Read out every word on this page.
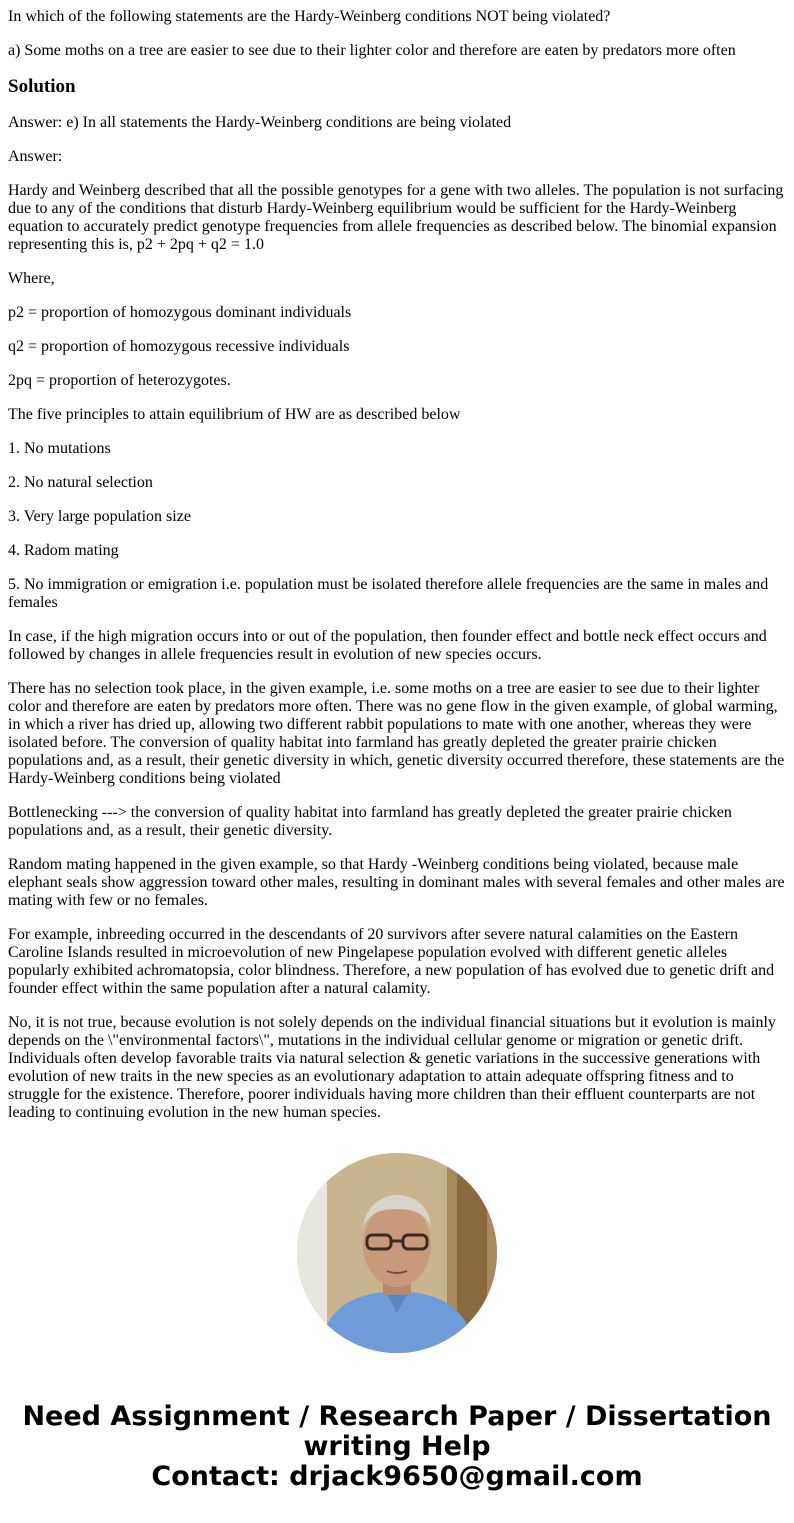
In which of the following statements are the Hardy-Weinberg conditions NOT being violated?

a) Some moths on a tree are easier to see due to their lighter color and therefore are eaten by predators more often

Solution

Answer: e) In all statements the Hardy-Weinberg conditions are being violated

Answer:

Hardy and Weinberg described that all the possible genotypes for a gene with two alleles. The population is not surfacing due to any of the conditions that disturb Hardy-Weinberg equilibrium would be sufficient for the Hardy-Weinberg equation to accurately predict genotype frequencies from allele frequencies as described below. The binomial expansion representing this is, p2 + 2pq + q2 = 1.0

Where,

p2 = proportion of homozygous dominant individuals

q2 = proportion of homozygous recessive individuals

2pq = proportion of heterozygotes.

The five principles to attain equilibrium of HW are as described below

1. No mutations

2. No natural selection

3. Very large population size

4. Radom mating

5. No immigration or emigration i.e. population must be isolated therefore allele frequencies are the same in males and females

In case, if the high migration occurs into or out of the population, then founder effect and bottle neck effect occurs and followed by changes in allele frequencies result in evolution of new species occurs.

There has no selection took place, in the given example, i.e. some moths on a tree are easier to see due to their lighter color and therefore are eaten by predators more often. There was no gene flow in the given example, of global warming, in which a river has dried up, allowing two different rabbit populations to mate with one another, whereas they were isolated before. The conversion of quality habitat into farmland has greatly depleted the greater prairie chicken populations and, as a result, their genetic diversity in which, genetic diversity occurred therefore, these statements are the Hardy-Weinberg conditions being violated

Bottlenecking ---> the conversion of quality habitat into farmland has greatly depleted the greater prairie chicken populations and, as a result, their genetic diversity.

Random mating happened in the given example, so that Hardy -Weinberg conditions being violated, because male elephant seals show aggression toward other males, resulting in dominant males with several females and other males are mating with few or no females.

For example, inbreeding occurred in the descendants of 20 survivors after severe natural calamities on the Eastern Caroline Islands resulted in microevolution of new Pingelapese population evolved with different genetic alleles popularly exhibited achromatopsia, color blindness. Therefore, a new population of has evolved due to genetic drift and founder effect within the same population after a natural calamity.

No, it is not true, because evolution is not solely depends on the individual financial situations but it evolution is mainly depends on the \"environmental factors\", mutations in the individual cellular genome or migration or genetic drift. Individuals often develop favorable traits via natural selection & genetic variations in the successive generations with evolution of new traits in the new species as an evolutionary adaptation to attain adequate offspring fitness and to struggle for the existence. Therefore, poorer individuals having more children than their effluent counterparts are not leading to continuing evolution in the new human species.

Need Assignment / Research Paper / Dissertation
writing Help
Contact: drjack9650@gmail.com
